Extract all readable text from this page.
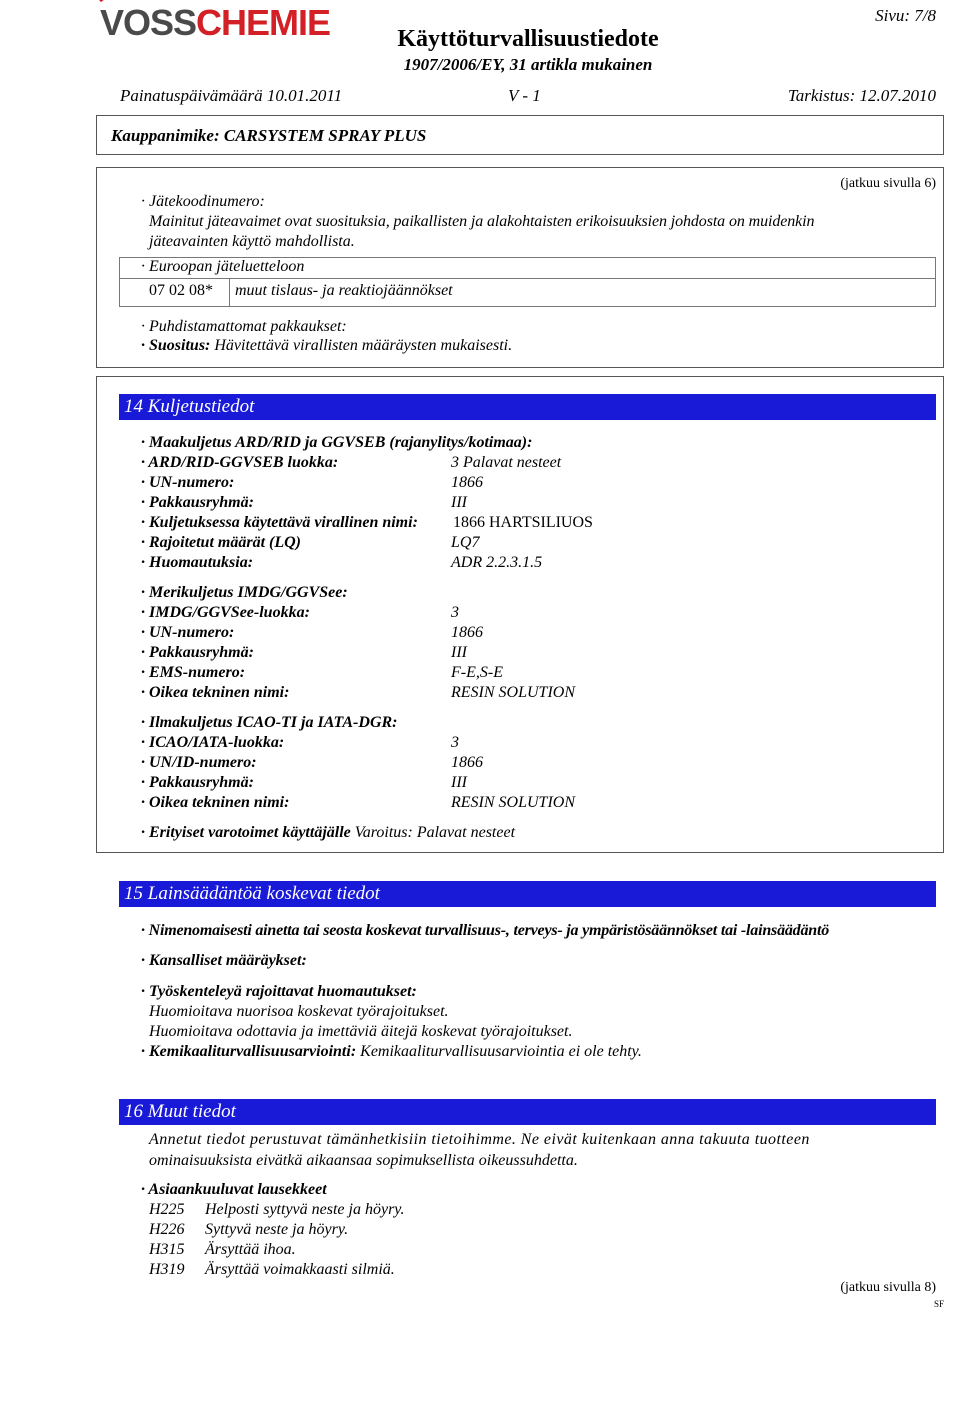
VOSSCHEMIE	Käyttöturvallisuustiedote
1907/2006/EY, 31 artikla mukainen
Sivu: 7/8
Painatuspäivämäärä 10.01.2011	V - 1	Tarkistus: 12.07.2010
Kauppanimike: CARSYSTEM SPRAY PLUS
(jatkuu sivulla 6)
· Jätekoodinumero:
Mainitut jäteavaimet ovat suosituksia, paikallisten ja alakohtaisten erikoisuuksien johdosta on muidenkin
jäteavainten käyttö mahdollista.
· Euroopan jäteluetteloon
07 02 08* muut tislaus- ja reaktiojäännökset
· Puhdistamattomat pakkaukset:
· Suositus: Hävitettävä virallisten määräysten mukaisesti.
14 Kuljetustiedot
· Maakuljetus ARD/RID ja GGVSEB (rajanylitys/kotimaa):
· ARD/RID-GGVSEB luokka:	3 Palavat nesteet
· UN-numero:	1866
· Pakkausryhmä:	III
· Kuljetuksessa käytettävä virallinen nimi: 1866 HARTSILIUOS
· Rajoitetut määrät (LQ)	LQ7
· Huomautuksia:	ADR 2.2.3.1.5
· Merikuljetus IMDG/GGVSee:
· IMDG/GGVSee-luokka:	3
· UN-numero:	1866
· Pakkausryhmä:	III
· EMS-numero:	F-E,S-E
· Oikea tekninen nimi:	RESIN SOLUTION
· Ilmakuljetus ICAO-TI ja IATA-DGR:
· ICAO/IATA-luokka:	3
· UN/ID-numero:	1866
· Pakkausryhmä:	III
· Oikea tekninen nimi:	RESIN SOLUTION
· Erityiset varotoimet käyttäjälle Varoitus: Palavat nesteet
15 Lainsäädäntöä koskevat tiedot
· Nimenomaisesti ainetta tai seosta koskevat turvallisuus-, terveys- ja ympäristösäännökset tai -lainsäädäntö
· Kansalliset määräykset:
· Työskenteleyä rajoittavat huomautukset:
Huomioitava nuorisoa koskevat työrajoitukset.
Huomioitava odottavia ja imettäviä äitejä koskevat työrajoitukset.
· Kemikaaliturvallisuusarviointi: Kemikaaliturvallisuusarviointia ei ole tehty.
16 Muut tiedot
Annetut tiedot perustuvat tämänhetkisiin tietoihimme. Ne eivät kuitenkaan anna takuuta tuotteen
ominaisuuksista eivätkä aikaansaa sopimuksellista oikeussuhdetta.
· Asiaankuuluvat lausekkeet
H225 Helposti syttyvä neste ja höyry.
H226 Syttyvä neste ja höyry.
H315 Ärsyttää ihoa.
H319 Ärsyttää voimakkaasti silmiä.
(jatkuu sivulla 8)
SF
